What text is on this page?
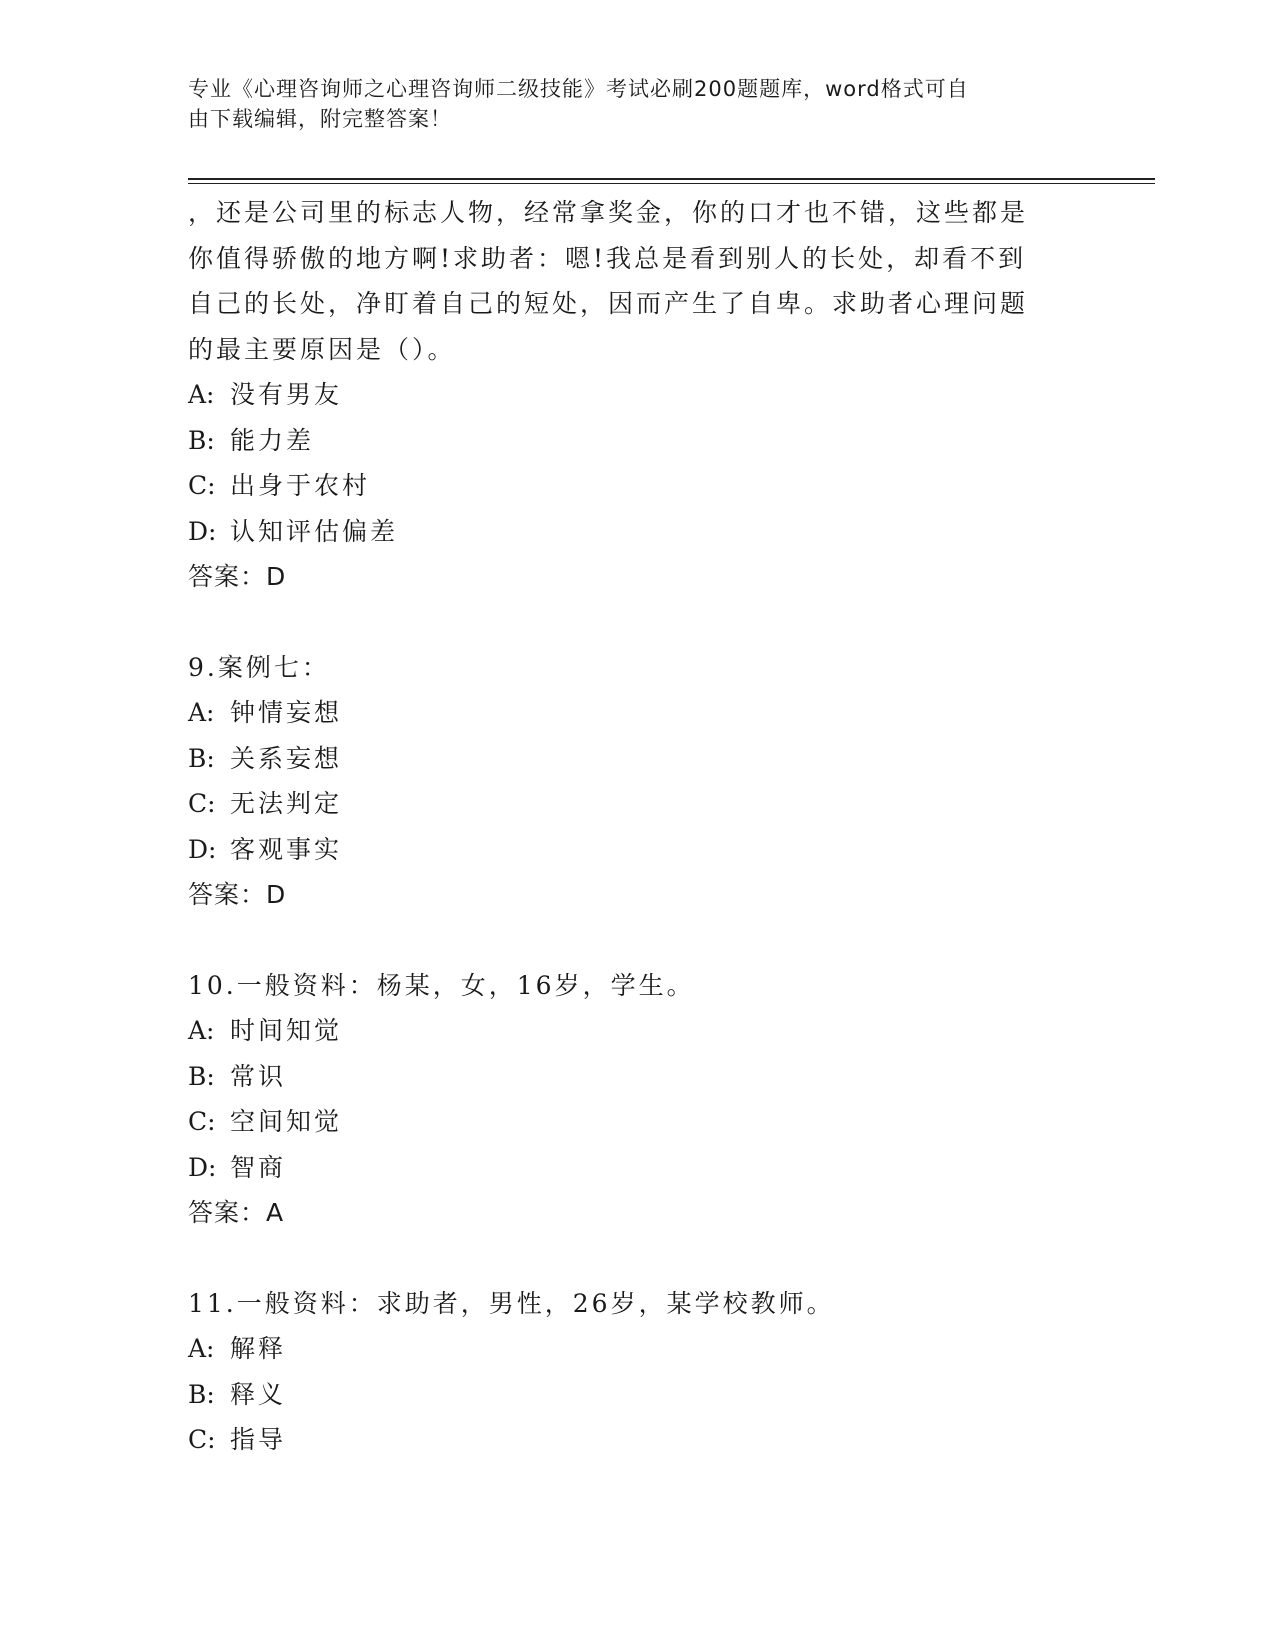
专业《心理咨询师之心理咨询师二级技能》考试必刷200题题库，word格式可自
由下载编辑，附完整答案！
，还是公司里的标志人物，经常拿奖金，你的口才也不错，这些都是
你值得骄傲的地方啊!求助者：嗯!我总是看到别人的长处，却看不到
自己的长处，净盯着自己的短处，因而产生了自卑。求助者心理问题
的最主要原因是（）。
A: 没有男友
B: 能力差
C: 出身于农村
D: 认知评估偏差
答案：D
9.案例七：
A: 钟情妄想
B: 关系妄想
C: 无法判定
D: 客观事实
答案：D
10.一般资料：杨某，女，16岁，学生。
A: 时间知觉
B: 常识
C: 空间知觉
D: 智商
答案：A
11.一般资料：求助者，男性，26岁，某学校教师。
A: 解释
B: 释义
C: 指导
